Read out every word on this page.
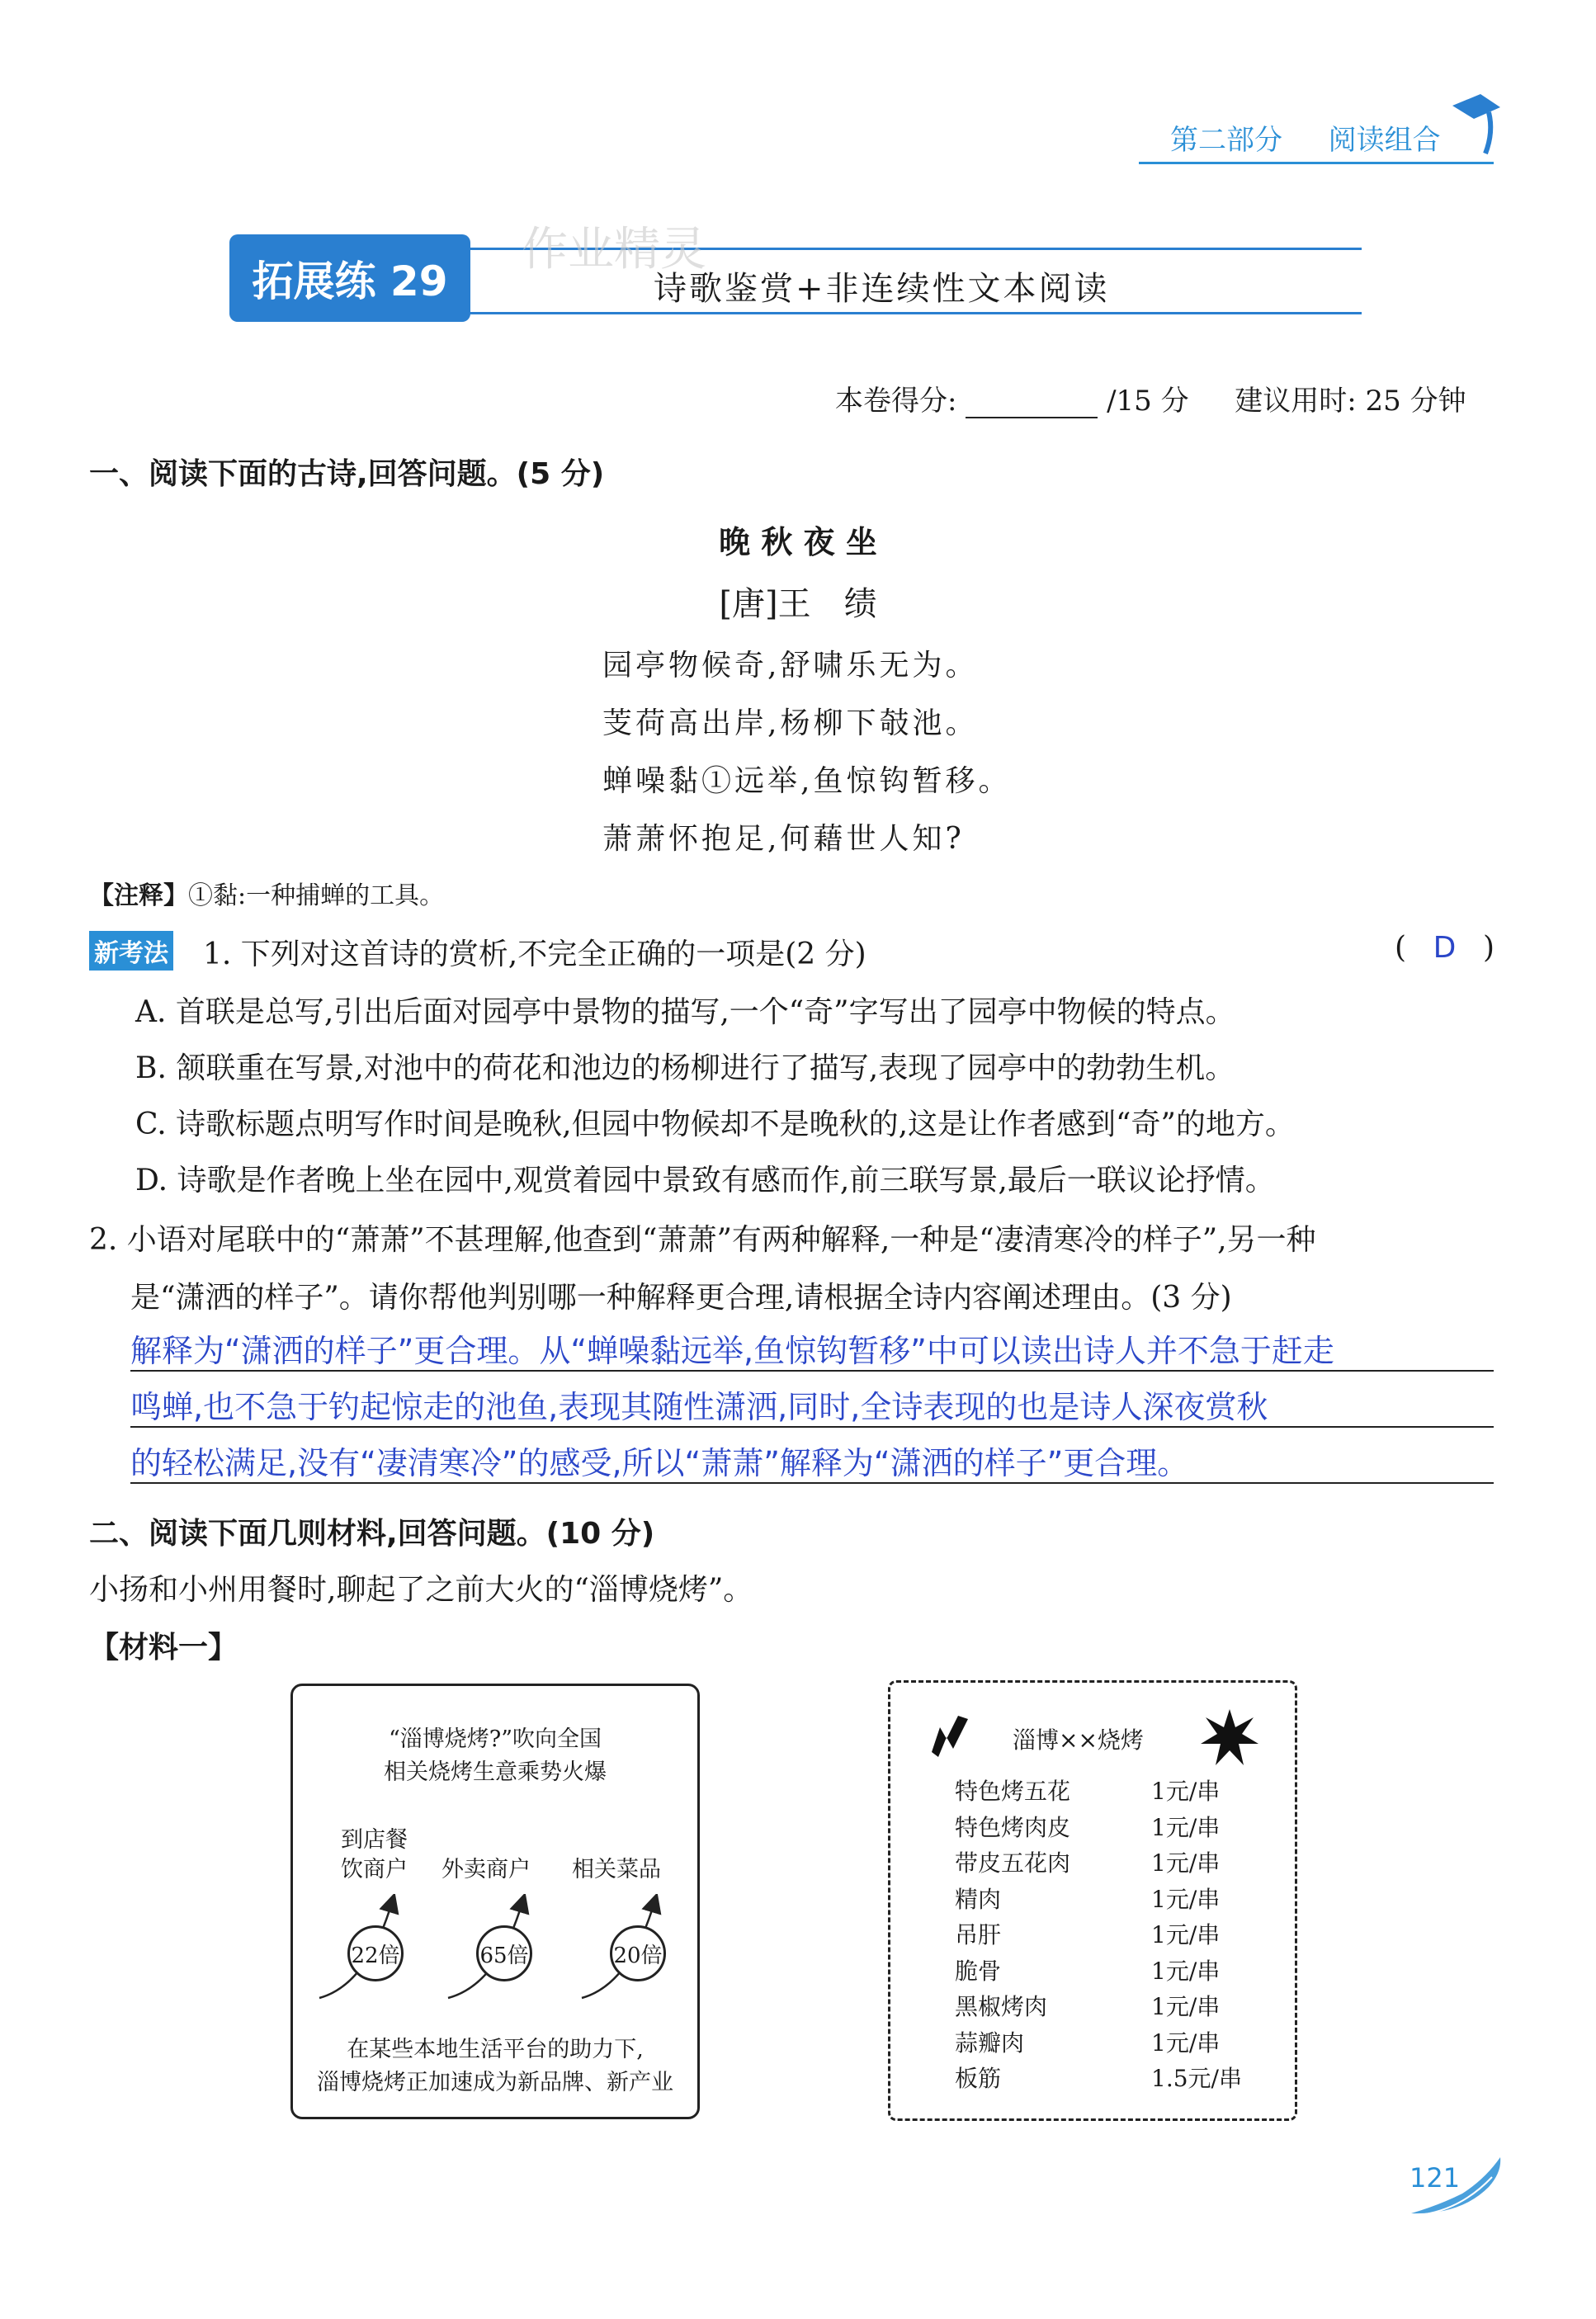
第二部分 阅读组合
拓展练 29
作业精灵
诗歌鉴赏+非连续性文本阅读
本卷得分:	/15 分 建议用时: 25 分钟
一、阅读下面的古诗,回答问题。(5 分)
晚 秋 夜 坐
[唐]王　绩
园亭物候奇,舒啸乐无为。
芰荷高出岸,杨柳下攲池。
蝉噪黏①远举,鱼惊钩暂移。
萧萧怀抱足,何藉世人知?
【注释】①黏:一种捕蝉的工具。
新考法 1. 下列对这首诗的赏析,不完全正确的一项是(2 分)	( D )
A. 首联是总写,引出后面对园亭中景物的描写,一个“奇”字写出了园亭中物候的特点。
B. 颔联重在写景,对池中的荷花和池边的杨柳进行了描写,表现了园亭中的勃勃生机。
C. 诗歌标题点明写作时间是晚秋,但园中物候却不是晚秋的,这是让作者感到“奇”的地方。
D. 诗歌是作者晚上坐在园中,观赏着园中景致有感而作,前三联写景,最后一联议论抒情。
2. 小语对尾联中的“萧萧”不甚理解,他查到“萧萧”有两种解释,一种是“凄清寒冷的样子”,另一种
是“潇洒的样子”。请你帮他判别哪一种解释更合理,请根据全诗内容阐述理由。(3 分)
解释为“潇洒的样子”更合理。从“蝉噪黏远举,鱼惊钩暂移”中可以读出诗人并不急于赶走
鸣蝉,也不急于钓起惊走的池鱼,表现其随性潇洒,同时,全诗表现的也是诗人深夜赏秋
的轻松满足,没有“凄清寒冷”的感受,所以“萧萧”解释为“潇洒的样子”更合理。
二、阅读下面几则材料,回答问题。(10 分)
小扬和小州用餐时,聊起了之前大火的“淄博烧烤”。
【材料一】
“淄博烧烤?”吹向全国
相关烧烤生意乘势火爆
到店餐
饮商户 外卖商户 相关菜品
22倍	65倍	20倍
在某些本地生活平台的助力下,
淄博烧烤正加速成为新品牌、新产业
淄博××烧烤
特色烤五花	1元/串
特色烤肉皮	1元/串
带皮五花肉	1元/串
精肉	1元/串
吊肝	1元/串
脆骨	1元/串
黑椒烤肉	1元/串
蒜瓣肉	1元/串
板筋	1.5元/串
121
